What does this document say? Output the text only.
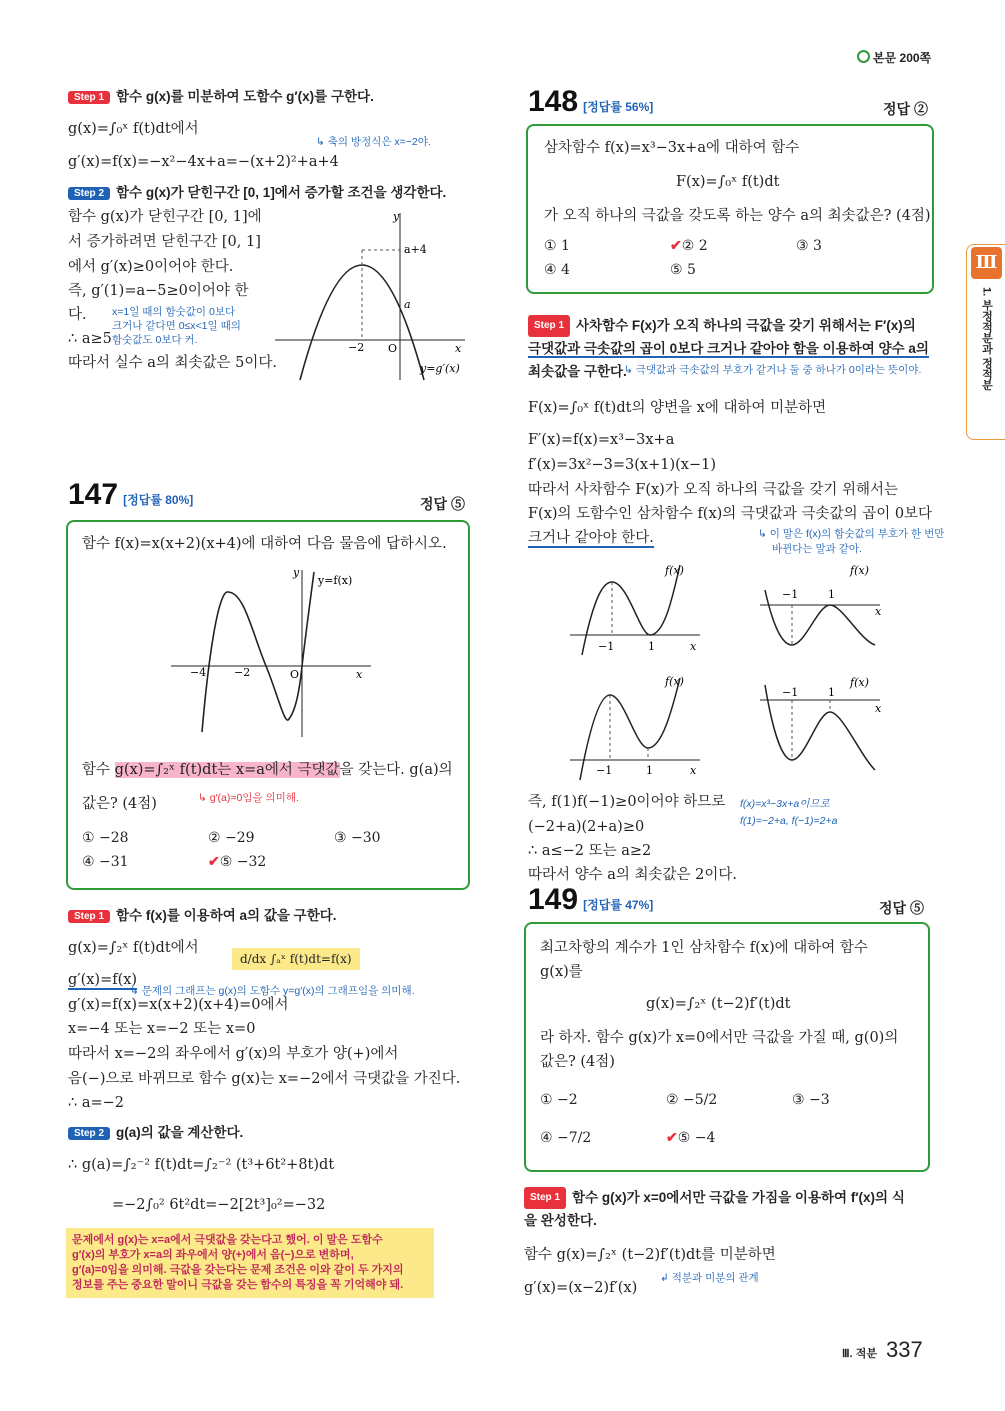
본문 200쪽
Ⅲ
1. 부정적분과 정적분
Step 1 함수 g(x)를 미분하여 도함수 g′(x)를 구한다.
g(x)=∫₀ˣ f(t)dt에서
↳ 축의 방정식은 x=−2야.
g′(x)=f(x)=−x²−4x+a=−(x+2)²+a+4
Step 2 함수 g(x)가 닫힌구간 [0, 1]에서 증가할 조건을 생각한다.
함수 g(x)가 닫힌구간 [0, 1]에
서 증가하려면 닫힌구간 [0, 1]
에서 g′(x)≥0이어야 한다.
즉, g′(1)=a−5≥0이어야 한
다. x=1일 때의 함숫값이 0보다
크거나 같다면 0≤x<1일 때의
함숫값도 0보다 커.
∴ a≥5
따라서 실수 a의 최솟값은 5이다.
y
a+4
a
−2 O	x
y=g′(x)
147 [정답률 80%]	정답 ⑤
함수 f(x)=x(x+2)(x+4)에 대하여 다음 물음에 답하시오.
y
y=f(x)
−4	−2	O	x
함수 g(x)=∫₂ˣ f(t)dt는 x=a에서 극댓값을 갖는다. g(a)의
값은? (4점)	↳ g′(a)=0임을 의미해.
① −28	② −29	③ −30
④ −31	✔⑤ −32
Step 1 함수 f(x)를 이용하여 a의 값을 구한다.
g(x)=∫₂ˣ f(t)dt에서
d/dx ∫ₐˣ f(t)dt=f(x)
g′(x)=f(x)
↳ 문제의 그래프는 g(x)의 도함수 y=g′(x)의 그래프임을 의미해.
g′(x)=f(x)=x(x+2)(x+4)=0에서
x=−4 또는 x=−2 또는 x=0
따라서 x=−2의 좌우에서 g′(x)의 부호가 양(+)에서
음(−)으로 바뀌므로 함수 g(x)는 x=−2에서 극댓값을 가진다.
∴ a=−2
Step 2 g(a)의 값을 계산한다.
∴ g(a)=∫₂⁻² f(t)dt=∫₂⁻² (t³+6t²+8t)dt
=−2∫₀² 6t²dt=−2[2t³]₀²=−32
문제에서 g(x)는 x=a에서 극댓값을 갖는다고 했어. 이 말은 도함수
g′(x)의 부호가 x=a의 좌우에서 양(+)에서 음(−)으로 변하며,
g′(a)=0임을 의미해. 극값을 갖는다는 문제 조건은 이와 같이 두 가지의
정보를 주는 중요한 말이니 극값을 갖는 함수의 특징을 꼭 기억해야 돼.
148 [정답률 56%]	정답 ②
삼차함수 f(x)=x³−3x+a에 대하여 함수
F(x)=∫₀ˣ f(t)dt
가 오직 하나의 극값을 갖도록 하는 양수 a의 최솟값은? (4점)
① 1	✔② 2	③ 3
④ 4	⑤ 5
Step 1 사차함수 F(x)가 오직 하나의 극값을 갖기 위해서는 F′(x)의
극댓값과 극솟값의 곱이 0보다 크거나 같아야 함을 이용하여 양수 a의
최솟값을 구한다.
↳ 극댓값과 극솟값의 부호가 같거나 둘 중 하나가 0이라는 뜻이야.
F(x)=∫₀ˣ f(t)dt의 양변을 x에 대하여 미분하면
F′(x)=f(x)=x³−3x+a
f′(x)=3x²−3=3(x+1)(x−1)
따라서 사차함수 F(x)가 오직 하나의 극값을 갖기 위해서는
F(x)의 도함수인 삼차함수 f(x)의 극댓값과 극솟값의 곱이 0보다
크거나 같아야 한다.	↳ 이 말은 f(x)의 함숫값의 부호가 한 번만
바뀐다는 말과 같아.
f(x)
−1	1	x
f(x)
−1	1
x
f(x)
−1	1	x
f(x)
−1	1
x
즉, f(1)f(−1)≥0이어야 하므로 f(x)=x³−3x+a이므로
f(1)=−2+a, f(−1)=2+a
(−2+a)(2+a)≥0
∴ a≤−2 또는 a≥2
따라서 양수 a의 최솟값은 2이다.
149 [정답률 47%]	정답 ⑤
최고차항의 계수가 1인 삼차함수 f(x)에 대하여 함수
g(x)를
g(x)=∫₂ˣ (t−2)f′(t)dt
라 하자. 함수 g(x)가 x=0에서만 극값을 가질 때, g(0)의
값은? (4점)
① −2	② −5/2	③ −3
④ −7/2	✔⑤ −4
Step 1 함수 g(x)가 x=0에서만 극값을 가짐을 이용하여 f′(x)의 식
을 완성한다.
함수 g(x)=∫₂ˣ (t−2)f′(t)dt를 미분하면
g′(x)=(x−2)f′(x)
↲ 적분과 미분의 관계
Ⅲ. 적분 337
